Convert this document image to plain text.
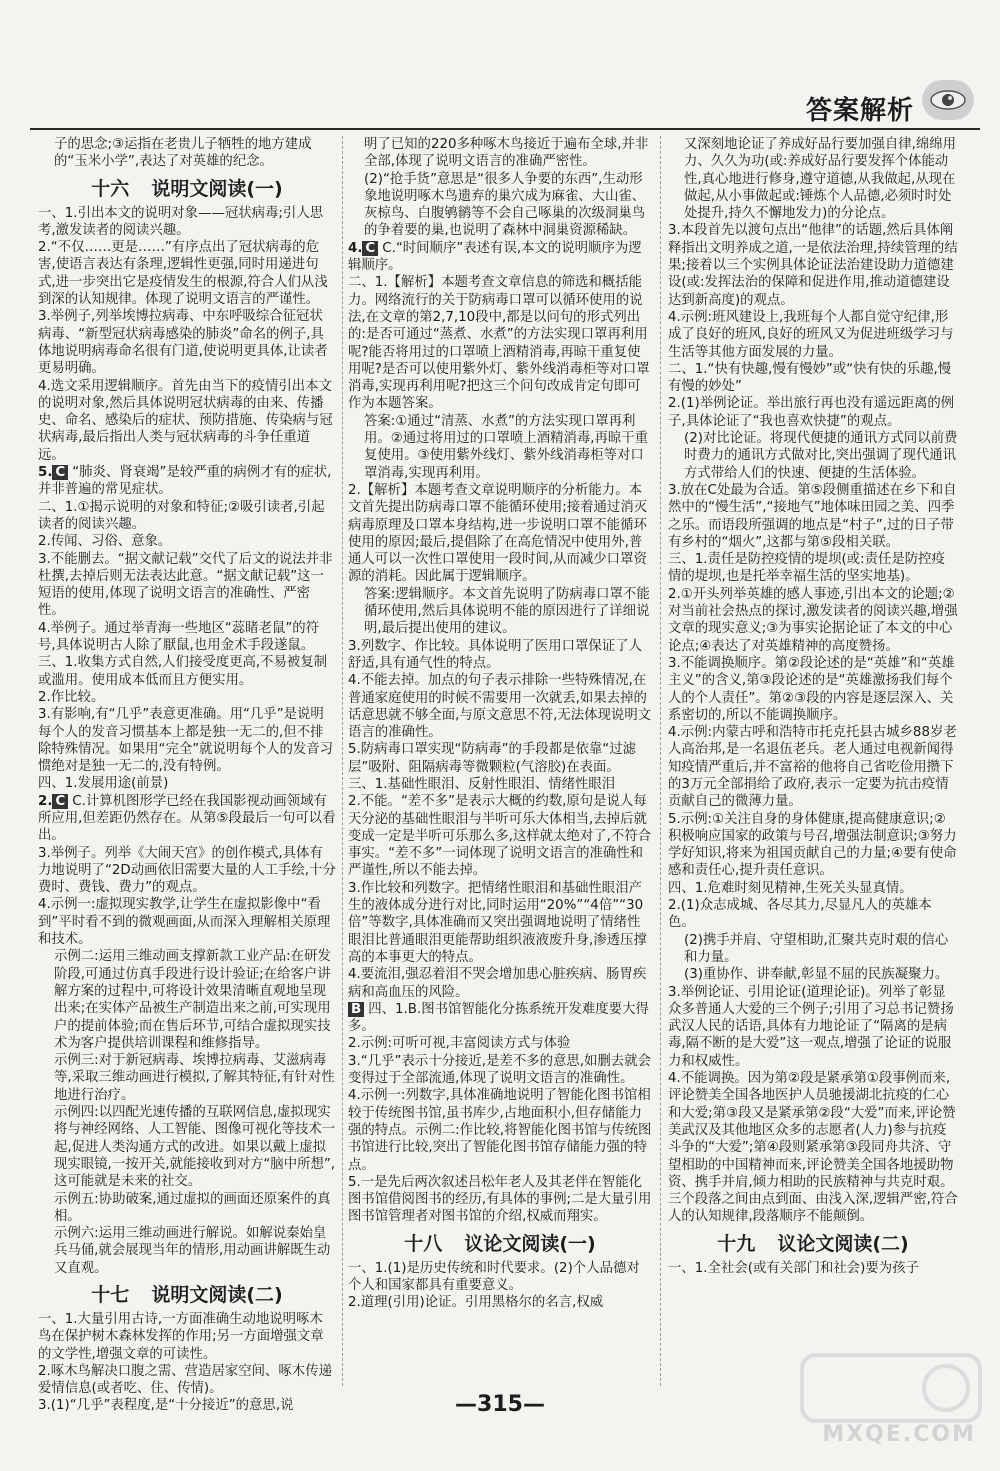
答案解析

子的思念;③运指在老贵儿子牺牲的地方建成的“玉米小学”,表达了对英雄的纪念。

十六 说明文阅读(一)

一、1.引出本文的说明对象——冠状病毒;引人思考,激发读者的阅读兴趣。

2.“不仅……更是……”有序点出了冠状病毒的危害,使语言表达有条理,逻辑性更强,同时用递进句式,进一步突出它是疫情发生的根源,符合人们从浅到深的认知规律。体现了说明文语言的严谨性。

3.举例子,列举埃博拉病毒、中东呼吸综合征冠状病毒、“新型冠状病毒感染的肺炎”命名的例子,具体地说明病毒命名很有门道,使说明更具体,让读者更易明确。

4.选文采用逻辑顺序。首先由当下的疫情引出本文的说明对象,然后具体说明冠状病毒的由来、传播史、命名、感染后的症状、预防措施、传染病与冠状病毒,最后指出人类与冠状病毒的斗争任重道远。

5. C “肺炎、肾衰竭”是较严重的病例才有的症状,并非普遍的常见症状。

二、1.①揭示说明的对象和特征;②吸引读者,引起读者的阅读兴趣。

2.传闻、习俗、意象。

3.不能删去。“据文献记载”交代了后文的说法并非杜撰,去掉后则无法表达此意。“据文献记载”这一短语的使用,体现了说明文语言的准确性、严密性。

4.举例子。通过举青海一些地区“蕊睹老鼠”的符号,具体说明古人除了厭鼠,也用金术手段遂鼠。

三、1.收集方式自然,人们接受度更高,不易被复制或滥用。使用成本低而且方便实用。

2.作比较。

3.有影响,有“几乎”表意更准确。用“几乎”是说明每个人的发音习惯基本上都是独一无二的,但不排除特殊情况。如果用“完全”就说明每个人的发音习惯绝对是独一无二的,没有特例。

四、1.发展用途(前景)

2. C C.计算机图形学已经在我国影视动画领域有所应用,但差距仍然存在。从第⑤段最后一句可以看出。

3.举例子。列举《大闹天宫》的创作模式,具体有力地说明了“2D动画依旧需要大量的人工手绘,十分费时、费钱、费力”的观点。

4.示例一:虚拟现实教学,让学生在虚拟影像中“看到”平时看不到的微观画面,从而深入理解相关原理和技术。

示例二:运用三维动画支撑新款工业产品:在研发阶段,可通过仿真手段进行设计验证;在给客户讲解方案的过程中,可将设计效果清晰直观地呈现出来;在实体产品被生产制造出来之前,可实现用户的提前体验;而在售后环节,可结合虚拟现实技术为客户提供培训课程和维修指导。

示例三:对于新冠病毒、埃博拉病毒、艾滋病毒等,采取三维动画进行模拟,了解其特征,有针对性地进行治疗。

示例四:以四配光速传播的互联网信息,虚拟现实将与神经网络、人工智能、图像可视化等技术一起,促进人类沟通方式的改进。如果以戴上虚拟现实眼镜,一按开关,就能接收到对方“脑中所想”,这可能就是未来的社交。

示例五:协助破案,通过虚拟的画面还原案件的真相。

示例六:运用三维动画进行解说。如解说秦始皇兵马俑,就会展现当年的情形,用动画讲解既生动又直观。

十七 说明文阅读(二)

一、1.大量引用古诗,一方面准确生动地说明啄木鸟在保护树木森林发挥的作用;另一方面增强文章的文学性,增强文章的可读性。

2.啄木鸟解决口腹之需、营造居家空间、啄木传递爱情信息(或者吃、住、传情)。

3.(1)“几乎”表程度,是“十分接近”的意思,说

明了已知的220多种啄木鸟接近于遍布全球,并非全部,体现了说明文语言的准确严密性。

(2)“抢手货”意思是“很多人争要的东西”,生动形象地说明啄木鸟遗弃的巢穴成为麻雀、大山雀、灰椋鸟、白腹鸲鹟等不会自己啄巢的次级洞巢鸟的争着要的巢,也说明了森林中洞巢资源稀缺。

4. C C.“时间顺序”表述有误,本文的说明顺序为逻辑顺序。

二、1.【解析】本题考查文章信息的筛选和概括能力。网络流行的关于防病毒口罩可以循环使用的说法,在文章的第2,7,10段中,都是以问句的形式列出的:是否可通过“蒸煮、水煮”的方法实现口罩再利用呢?能否将用过的口罩喷上酒精消毒,再晾干重复使用呢?是否可以使用紫外灯、紫外线消毒柜等对口罩消毒,实现再利用呢?把这三个问句改成肯定句即可作为本题答案。

答案:①通过“清蒸、水煮”的方法实现口罩再利用。②通过将用过的口罩喷上酒精消毒,再晾干重复使用。③使用紫外线灯、紫外线消毒柜等对口罩消毒,实现再利用。

2.【解析】本题考查文章说明顺序的分析能力。本文首先提出防病毒口罩不能循环使用;接着通过消灭病毒原理及口罩本身结构,进一步说明口罩不能循环使用的原因;最后,提倡除了在高危情况中使用外,普通人可以一次性口罩使用一段时间,从而减少口罩资源的消耗。因此属于逻辑顺序。

答案:逻辑顺序。本文首先说明了防病毒口罩不能循环使用,然后具体说明不能的原因进行了详细说明,最后提出使用的建议。

3.列数字、作比较。具体说明了医用口罩保证了人舒适,具有通气性的特点。

4.不能去掉。加点的句子表示排除一些特殊情况,在普通家庭使用的时候不需要用一次就丢,如果去掉的话意思就不够全面,与原文意思不符,无法体现说明文语言的准确性。

5.防病毒口罩实现“防病毒”的手段都是依靠“过滤层”吸附、阻隔病毒等微颗粒(气溶胶)在表面。

三、1.基础性眼泪、反射性眼泪、情绪性眼泪

2.不能。“差不多”是表示大概的约数,原句是说人每天分泌的基础性眼泪与半听可乐大体相当,去掉后就变成一定是半听可乐那么多,这样就太绝对了,不符合事实。“差不多”一词体现了说明文语言的准确性和严谨性,所以不能去掉。

3.作比较和列数字。把情绪性眼泪和基础性眼泪产生的液体成分进行对比,同时运用“20%”“4倍”“30倍”等数字,具体准确而又突出强调地说明了情绪性眼泪比普通眼泪更能帮助组织液液废升身,渗透压撑高的本事更大的特点。

4.要流泪,强忍着泪不哭会增加患心脏疾病、肠胃疾病和高血压的风险。

B 四、1.B.图书馆智能化分拣系统开发难度要大得多。

2.示例:可听可视,丰富阅读方式与体验

3.“几乎”表示十分接近,是差不多的意思,如删去就会变得过于全部流通,体现了说明文语言的准确性。

4.示例一:列数字,具体准确地说明了智能化图书馆相较于传统图书馆,虽书库少,占地面积小,但存储能力强的特点。示例二:作比较,将智能化图书馆与传统图书馆进行比较,突出了智能化图书馆存储能力强的特点。

5.一是先后两次叙述吕松年老人及其老伴在智能化图书馆借阅图书的经历,有具体的事例;二是大量引用图书馆管理者对图书馆的介绍,权威而翔实。

十八 议论文阅读(一)

一、1.(1)是历史传统和时代要求。(2)个人品德对个人和国家都具有重要意义。

2.道理(引用)论证。引用黑格尔的名言,权威

又深刻地论证了养成好品行要加强自律,绵绵用力、久久为功(或:养成好品行要发挥个体能动性,真心地进行修身,遵守道德,从我做起,从现在做起,从小事做起或:锤炼个人品德,必须时时处处提升,持久不懈地发力)的分论点。

3.本段首先以渡句点出“他律”的话题,然后具体阐释指出文明养成之道,一是依法治理,持续管理的结果;接着以三个实例具体论证法治建设助力道德建设(或:发挥法治的保障和促进作用,推动道德建设达到新高度)的观点。

4.示例:班风建设上,我班每个人都自觉守纪律,形成了良好的班风,良好的班风又为促进班级学习与生活等其他方面发展的力量。

二、1.“快有快趣,慢有慢妙”或“快有快的乐趣,慢有慢的妙处”

2.(1)举例论证。举出旅行再也没有遥远距离的例子,具体论证了“我也喜欢快捷”的观点。

(2)对比论证。将现代便捷的通讯方式同以前费时费力的通讯方式做对比,突出强调了现代通讯方式带给人们的快速、便捷的生活体验。

3.放在C处最为合适。第⑤段侧重描述在乡下和自然中的“慢生活”,“接地气”地体味田园之美、四季之乐。而语段所强调的地点是“村子”,过的日子带有乡村的“烟火”,这都与第⑤段相关联。

三、1.责任是防控疫情的堤坝(或:责任是防控疫情的堤坝,也是托举幸福生活的坚实地基)。

2.①开头列举英雄的感人事迹,引出本文的论题;②对当前社会热点的探讨,激发读者的阅读兴趣,增强文章的现实意义;③为事实论据论证了本文的中心论点;④表达了对英雄精神的高度赞扬。

3.不能调换顺序。第②段论述的是“英雄”和“英雄主义”的含义,第③段论述的是“英雄激扬我们每个人的个人责任”。第②③段的内容是逐层深入、关系密切的,所以不能调换顺序。

4.示例:内蒙古呼和浩特市托克托县古城乡88岁老人高治邦,是一名退伍老兵。老人通过电视新闻得知疫情严重后,并不富裕的他将自己省吃俭用攒下的3万元全部捐给了政府,表示一定要为抗击疫情贡献自己的微薄力量。

5.示例:①关注自身的身体健康,提高健康意识;②积极响应国家的政策与号召,增强法制意识;③努力学好知识,将来为祖国贡献自己的力量;④要有使命感和责任心,提升责任意识。

四、1.危难时刻见精神,生死关头显真情。

2.(1)众志成城、各尽其力,尽显凡人的英雄本色。

(2)携手并肩、守望相助,汇聚共克时艰的信心和力量。

(3)重协作、讲奉献,彰显不屈的民族凝聚力。

3.举例论证、引用论证(道理论证)。列举了彰显众多普通人大爱的三个例子;引用了习总书记赞扬武汉人民的话语,具体有力地论证了“隔离的是病毒,隔不断的是大爱”这一观点,增强了论证的说服力和权威性。

4.不能调换。因为第②段是紧承第①段事例而来,评论赞美全国各地医护人员驰援湖北抗疫的仁心和大爱;第③段又是紧承第②段“大爱”而来,评论赞美武汉及其他地区众多的志愿者(人力)参与抗疫斗争的“大爱”;第④段则紧承第③段同舟共济、守望相助的中国精神而来,评论赞美全国各地援助物资、携手并肩,倾力相助的民族精神与共克时艰。三个段落之间由点到面、由浅入深,逻辑严密,符合人的认知规律,段落顺序不能颠倒。

十九 议论文阅读(二)

一、1.全社会(或有关部门和社会)要为孩子

—315—
MXQE.COM
